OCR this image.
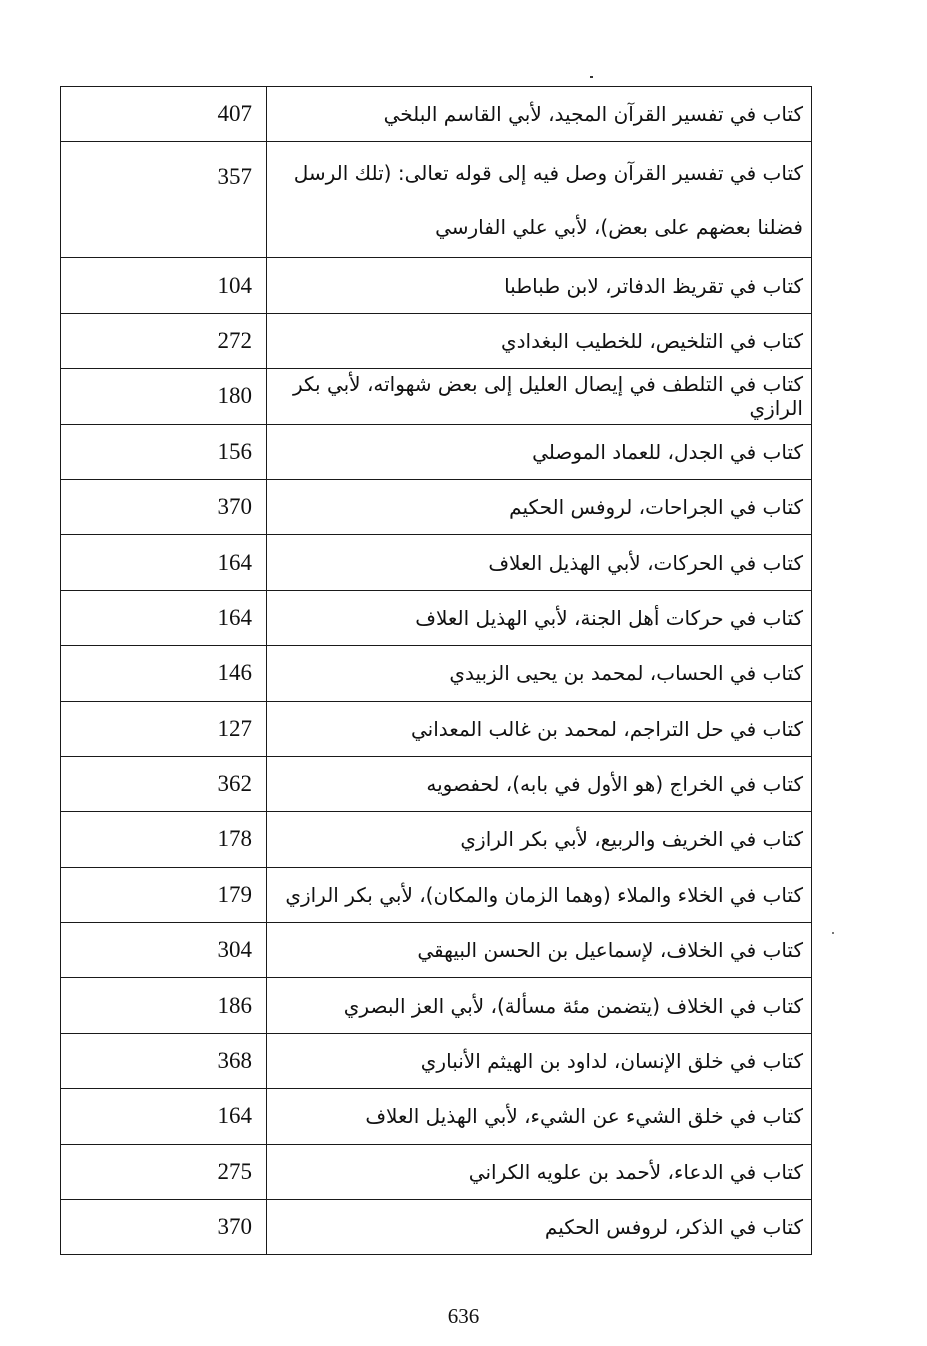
407	كتاب في تفسير القرآن المجيد، لأبي القاسم البلخي
357	كتاب في تفسير القرآن وصل فيه إلى قوله تعالى: (تلك الرسل فضلنا بعضهم على بعض)، لأبي علي الفارسي
104	كتاب في تقريظ الدفاتر، لابن طباطبا
272	كتاب في التلخيص، للخطيب البغدادي
180	كتاب في التلطف في إيصال العليل إلى بعض شهواته، لأبي بكر الرازي
156	كتاب في الجدل، للعماد الموصلي
370	كتاب في الجراحات، لروفس الحكيم
164	كتاب في الحركات، لأبي الهذيل العلاف
164	كتاب في حركات أهل الجنة، لأبي الهذيل العلاف
146	كتاب في الحساب، لمحمد بن يحيى الزبيدي
127	كتاب في حل التراجم، لمحمد بن غالب المعداني
362	كتاب في الخراج (هو الأول في بابه)، لحفصويه
178	كتاب في الخريف والربيع، لأبي بكر الرازي
179	كتاب في الخلاء والملاء (وهما الزمان والمكان)، لأبي بكر الرازي
304	كتاب في الخلاف، لإسماعيل بن الحسن البيهقي
186	كتاب في الخلاف (يتضمن مئة مسألة)، لأبي العز البصري
368	كتاب في خلق الإنسان، لداود بن الهيثم الأنباري
164	كتاب في خلق الشيء عن الشيء، لأبي الهذيل العلاف
275	كتاب في الدعاء، لأحمد بن علويه الكراني
370	كتاب في الذكر، لروفس الحكيم
636
